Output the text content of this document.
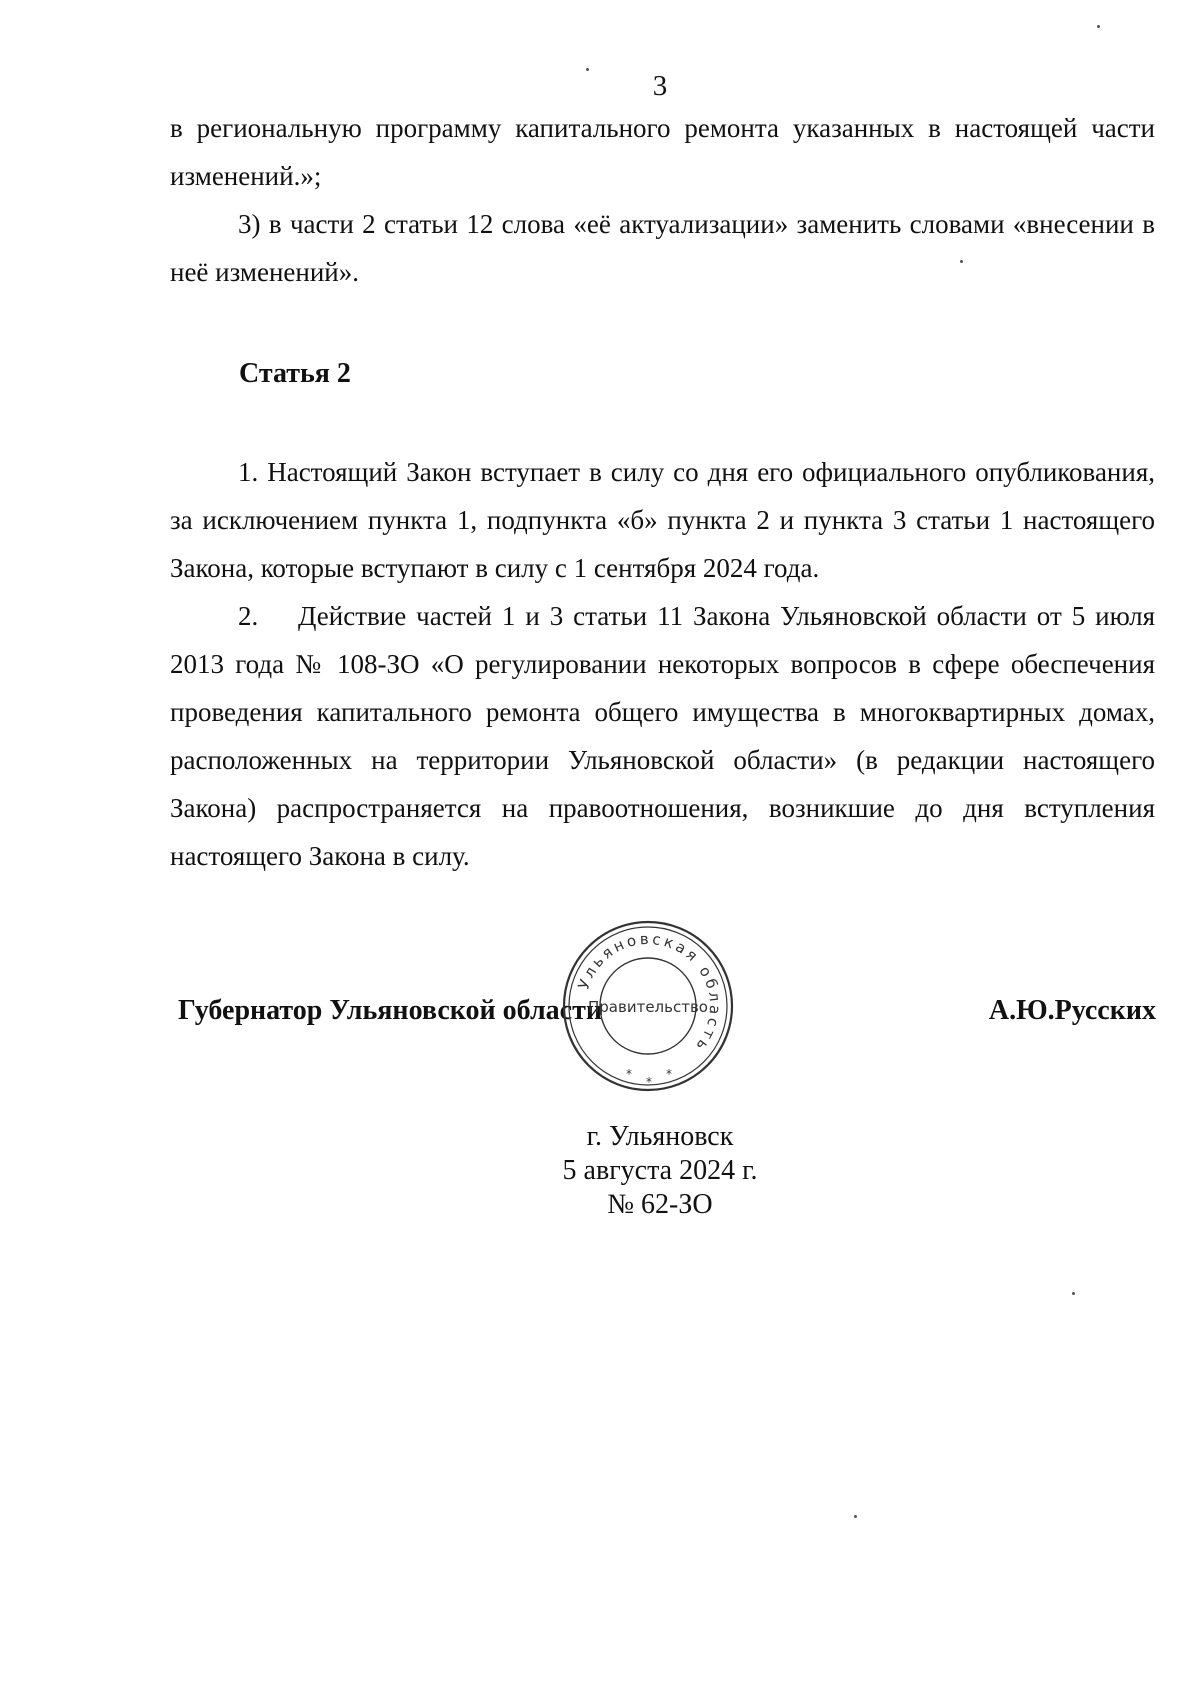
3

в региональную программу капитального ремонта указанных в настоящей части изменений.»;

3) в части 2 статьи 12 слова «её актуализации» заменить словами «внесении в неё изменений».

Статья 2

1. Настоящий Закон вступает в силу со дня его официального опубликования, за исключением пункта 1, подпункта «б» пункта 2 и пункта 3 статьи 1 настоящего Закона, которые вступают в силу с 1 сентября 2024 года.

2.    Действие частей 1 и 3 статьи 11 Закона Ульяновской области от 5 июля 2013 года № 108-ЗО «О регулировании некоторых вопросов в сфере обеспечения проведения капитального ремонта общего имущества в многоквартирных домах, расположенных на территории Ульяновской области» (в редакции настоящего Закона) распространяется на правоотношения, возникшие до дня вступления настоящего Закона в силу.

Губернатор Ульяновской области
Ульяновская область
Правительство
*
*
*
А.Ю.Русских
г. Ульяновск
5 августа 2024 г.
№ 62-ЗО
